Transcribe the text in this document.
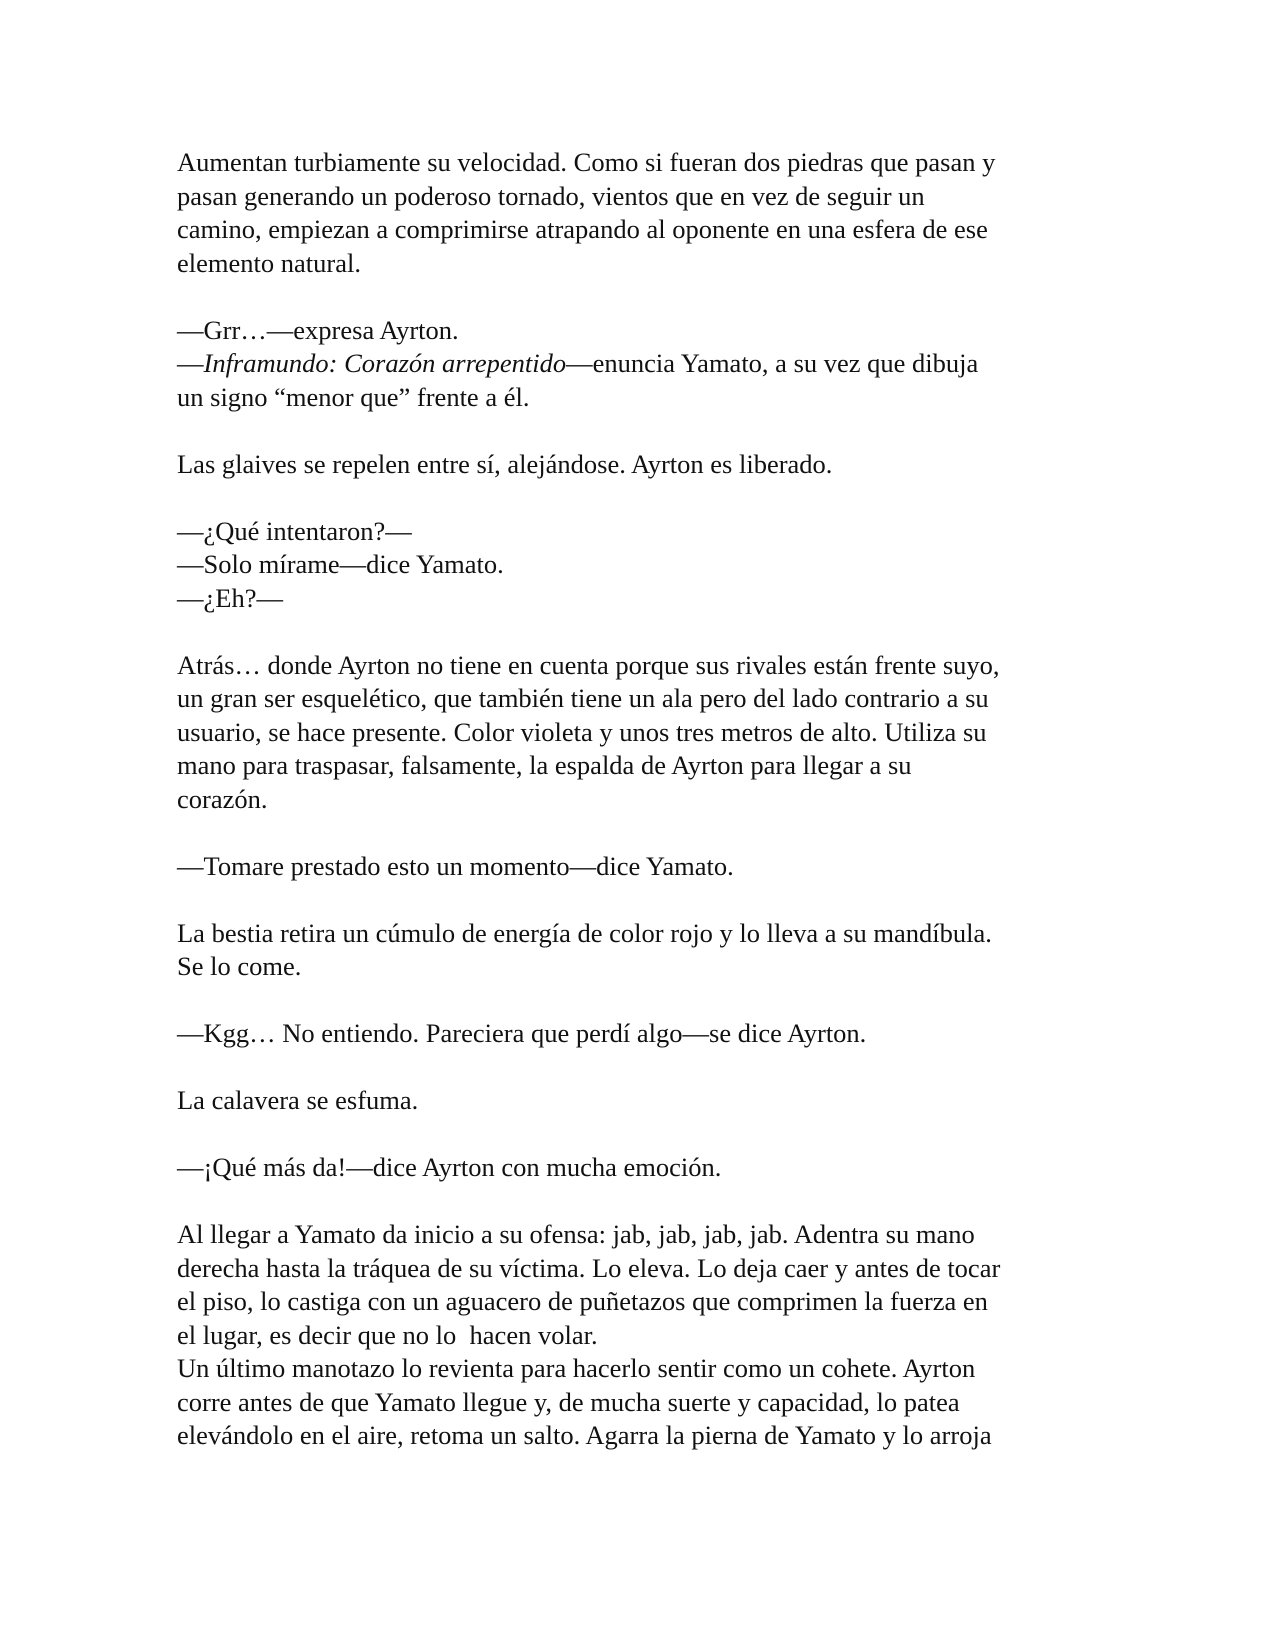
Aumentan turbiamente su velocidad. Como si fueran dos piedras que pasan y
pasan generando un poderoso tornado, vientos que en vez de seguir un
camino, empiezan a comprimirse atrapando al oponente en una esfera de ese
elemento natural.
—Grr…—expresa Ayrton.
—Inframundo: Corazón arrepentido—enuncia Yamato, a su vez que dibuja
un signo “menor que” frente a él.
Las glaives se repelen entre sí, alejándose. Ayrton es liberado.
—¿Qué intentaron?—
—Solo mírame—dice Yamato.
—¿Eh?—
Atrás… donde Ayrton no tiene en cuenta porque sus rivales están frente suyo,
un gran ser esquelético, que también tiene un ala pero del lado contrario a su
usuario, se hace presente. Color violeta y unos tres metros de alto. Utiliza su
mano para traspasar, falsamente, la espalda de Ayrton para llegar a su
corazón.
—Tomare prestado esto un momento—dice Yamato.
La bestia retira un cúmulo de energía de color rojo y lo lleva a su mandíbula.
Se lo come.
—Kgg… No entiendo. Pareciera que perdí algo—se dice Ayrton.
La calavera se esfuma.
—¡Qué más da!—dice Ayrton con mucha emoción.
Al llegar a Yamato da inicio a su ofensa: jab, jab, jab, jab. Adentra su mano
derecha hasta la tráquea de su víctima. Lo eleva. Lo deja caer y antes de tocar
el piso, lo castiga con un aguacero de puñetazos que comprimen la fuerza en
el lugar, es decir que no lo  hacen volar.
Un último manotazo lo revienta para hacerlo sentir como un cohete. Ayrton
corre antes de que Yamato llegue y, de mucha suerte y capacidad, lo patea
elevándolo en el aire, retoma un salto. Agarra la pierna de Yamato y lo arroja
